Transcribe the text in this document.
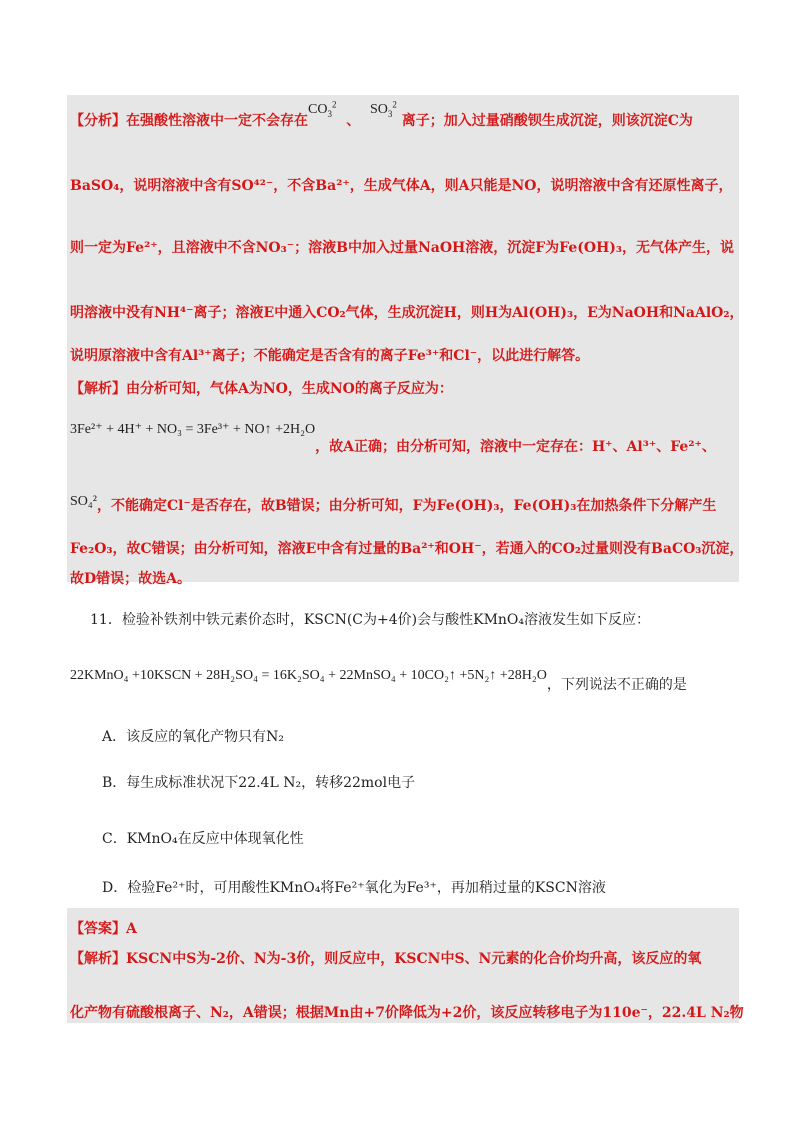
【分析】在强酸性溶液中一定不会存在$CO_3^2$  、  $SO_3^2$ 离子；加入过量硝酸钡生成沉淀，则该沉淀C为
BaSO₄，说明溶液中含有SO⁴²⁻，不含Ba²⁺，生成气体A，则A只能是NO，说明溶液中含有还原性离子，
则一定为Fe²⁺，且溶液中不含NO₃⁻；溶液B中加入过量NaOH溶液，沉淀F为Fe(OH)₃，无气体产生，说
明溶液中没有NH⁴⁻离子；溶液E中通入CO₂气体，生成沉淀H，则H为Al(OH)₃，E为NaOH和NaAlO₂，
说明原溶液中含有Al³⁺离子；不能确定是否含有的离子Fe³⁺和Cl⁻，以此进行解答。
【解析】由分析可知，气体A为NO，生成NO的离子反应为：
3Fe²⁺ + 4H⁺ + NO₃ = 3Fe³⁺ + NO↑ +2H₂O，故A正确；由分析可知，溶液中一定存在：H⁺、Al³⁺、Fe²⁺、
SO₄²，不能确定Cl⁻是否存在，故B错误；由分析可知，F为Fe(OH)₃，Fe(OH)₃在加热条件下分解产生
Fe₂O₃，故C错误；由分析可知，溶液E中含有过量的Ba²⁺和OH⁻，若通入的CO₂过量则没有BaCO₃沉淀，
故D错误；故选A。
11．检验补铁剂中铁元素价态时，KSCN(C为+4价)会与酸性KMnO₄溶液发生如下反应：
22KMnO₄ +10KSCN + 28H₂SO₄ = 16K₂SO₄ + 22MnSO₄ + 10CO₂↑ +5N₂↑ +28H₂O，下列说法不正确的是
A．该反应的氧化产物只有N₂
B．每生成标准状况下22.4L N₂，转移22mol电子
C．KMnO₄在反应中体现氧化性
D．检验Fe²⁺时，可用酸性KMnO₄将Fe²⁺氧化为Fe³⁺，再加稍过量的KSCN溶液
【答案】A
【解析】KSCN中S为-2价、N为-3价，则反应中，KSCN中S、N元素的化合价均升高，该反应的氧
化产物有硫酸根离子、N₂，A错误；根据Mn由+7价降低为+2价，该反应转移电子为110e⁻，22.4L N₂物
